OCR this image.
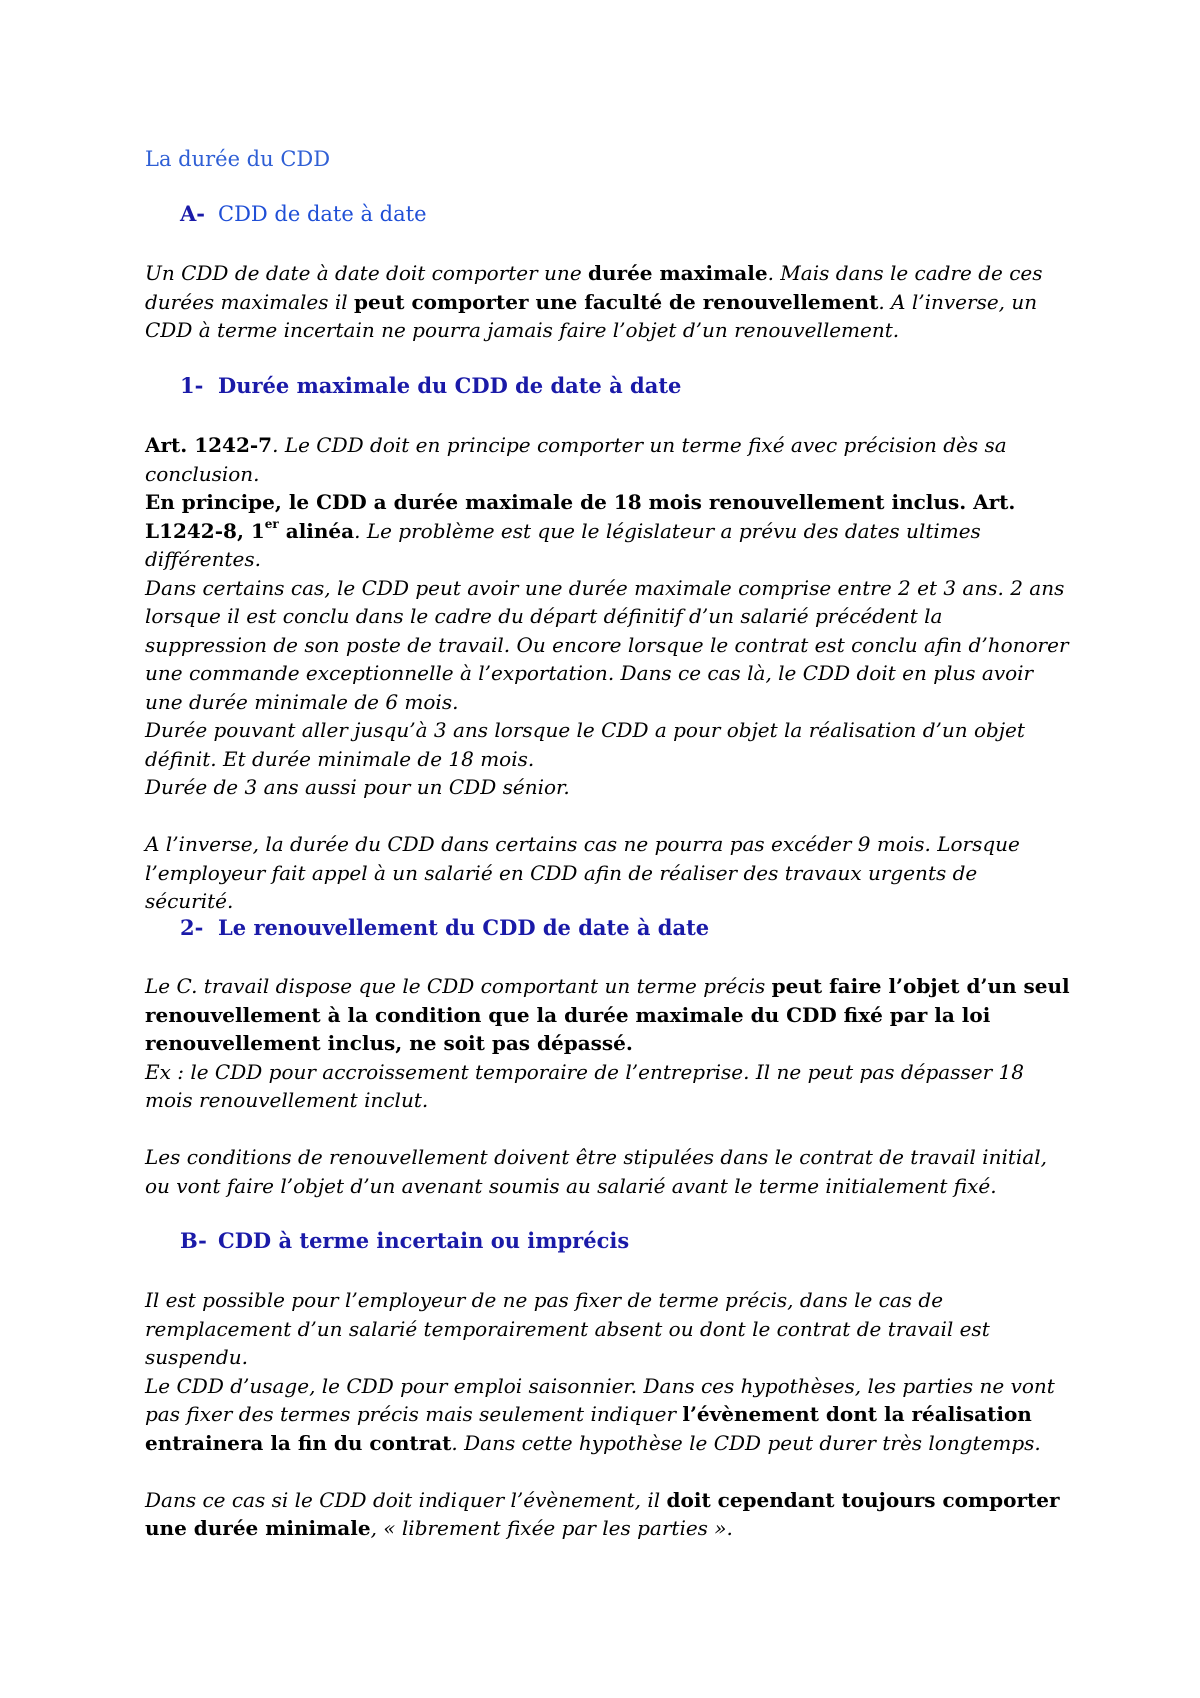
La durée du CDD
A- CDD de date à date
Un CDD de date à date doit comporter une durée maximale. Mais dans le cadre de ces durées maximales il peut comporter une faculté de renouvellement. A l’inverse, un CDD à terme incertain ne pourra jamais faire l’objet d’un renouvellement.
1- Durée maximale du CDD de date à date
Art. 1242-7. Le CDD doit en principe comporter un terme fixé avec précision dès sa conclusion.
En principe, le CDD a durée maximale de 18 mois renouvellement inclus. Art. L1242-8, 1er alinéa. Le problème est que le législateur a prévu des dates ultimes différentes.
Dans certains cas, le CDD peut avoir une durée maximale comprise entre 2 et 3 ans. 2 ans lorsque il est conclu dans le cadre du départ définitif d’un salarié précédent la suppression de son poste de travail. Ou encore lorsque le contrat est conclu afin d’honorer une commande exceptionnelle à l’exportation. Dans ce cas là, le CDD doit en plus avoir une durée minimale de 6 mois.
Durée pouvant aller jusqu’à 3 ans lorsque le CDD a pour objet la réalisation d’un objet définit. Et durée minimale de 18 mois.
Durée de 3 ans aussi pour un CDD sénior.
A l’inverse, la durée du CDD dans certains cas ne pourra pas excéder 9 mois. Lorsque l’employeur fait appel à un salarié en CDD afin de réaliser des travaux urgents de sécurité.
2- Le renouvellement du CDD de date à date
Le C. travail dispose que le CDD comportant un terme précis peut faire l’objet d’un seul renouvellement à la condition que la durée maximale du CDD fixé par la loi renouvellement inclus, ne soit pas dépassé.
Ex : le CDD pour accroissement temporaire de l’entreprise. Il ne peut pas dépasser 18 mois renouvellement inclut.
Les conditions de renouvellement doivent être stipulées dans le contrat de travail initial, ou vont faire l’objet d’un avenant soumis au salarié avant le terme initialement fixé.
B- CDD à terme incertain ou imprécis
Il est possible pour l’employeur de ne pas fixer de terme précis, dans le cas de remplacement d’un salarié temporairement absent ou dont le contrat de travail est suspendu.
Le CDD d’usage, le CDD pour emploi saisonnier. Dans ces hypothèses, les parties ne vont pas fixer des termes précis mais seulement indiquer l’évènement dont la réalisation entrainera la fin du contrat. Dans cette hypothèse le CDD peut durer très longtemps.
Dans ce cas si le CDD doit indiquer l’évènement, il doit cependant toujours comporter une durée minimale, « librement fixée par les parties ».
